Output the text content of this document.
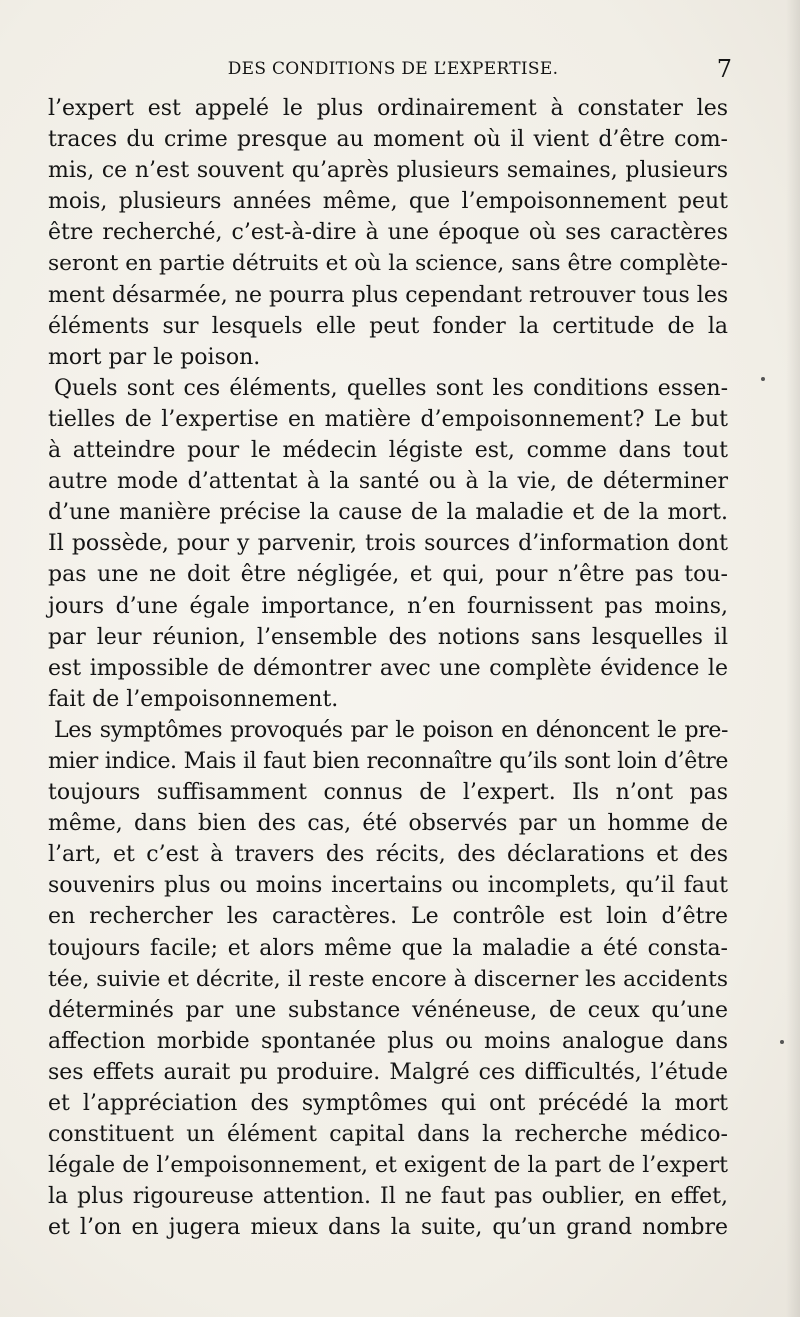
DES CONDITIONS DE L’EXPERTISE.	7
l’expert est appelé le plus ordinairement à constater les
traces du crime presque au moment où il vient d’être com-
mis, ce n’est souvent qu’après plusieurs semaines, plusieurs
mois, plusieurs années même, que l’empoisonnement peut
être recherché, c’est-à-dire à une époque où ses caractères
seront en partie détruits et où la science, sans être complète-
ment désarmée, ne pourra plus cependant retrouver tous les
éléments sur lesquels elle peut fonder la certitude de la
mort par le poison.
Quels sont ces éléments, quelles sont les conditions essen-
tielles de l’expertise en matière d’empoisonnement? Le but
à atteindre pour le médecin légiste est, comme dans tout
autre mode d’attentat à la santé ou à la vie, de déterminer
d’une manière précise la cause de la maladie et de la mort.
Il possède, pour y parvenir, trois sources d’information dont
pas une ne doit être négligée, et qui, pour n’être pas tou-
jours d’une égale importance, n’en fournissent pas moins,
par leur réunion, l’ensemble des notions sans lesquelles il
est impossible de démontrer avec une complète évidence le
fait de l’empoisonnement.
Les symptômes provoqués par le poison en dénoncent le pre-
mier indice. Mais il faut bien reconnaître qu’ils sont loin d’être
toujours suffisamment connus de l’expert. Ils n’ont pas
même, dans bien des cas, été observés par un homme de
l’art, et c’est à travers des récits, des déclarations et des
souvenirs plus ou moins incertains ou incomplets, qu’il faut
en rechercher les caractères. Le contrôle est loin d’être
toujours facile; et alors même que la maladie a été consta-
tée, suivie et décrite, il reste encore à discerner les accidents
déterminés par une substance vénéneuse, de ceux qu’une
affection morbide spontanée plus ou moins analogue dans
ses effets aurait pu produire. Malgré ces difficultés, l’étude
et l’appréciation des symptômes qui ont précédé la mort
constituent un élément capital dans la recherche médico-
légale de l’empoisonnement, et exigent de la part de l’expert
la plus rigoureuse attention. Il ne faut pas oublier, en effet,
et l’on en jugera mieux dans la suite, qu’un grand nombre
